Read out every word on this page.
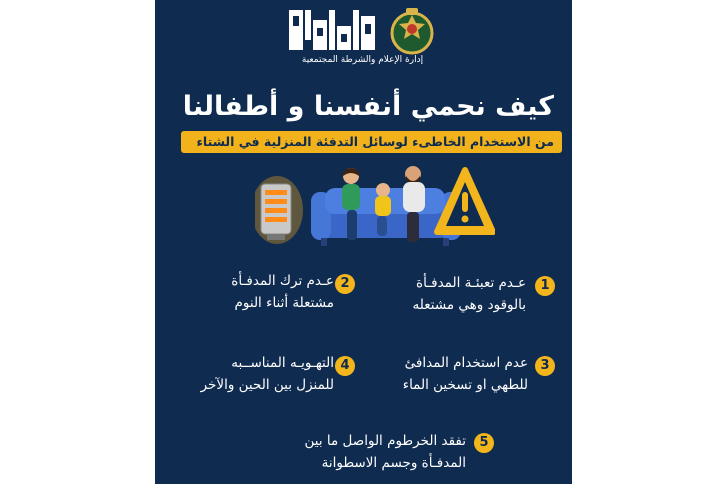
إدارة الإعلام والشرطة المجتمعية
كيف نحمي أنفسنا و أطفالنا
من الاستخدام الخاطىء لوسائل التدفئة المنزلية في الشتاء
1
عـدم تعبئـة المدفـأة
بالوقود وهي مشتعله
2
عـدم ترك المدفـأة
مشتعلة أثناء النوم
3
عدم استخدام المدافئ
للطهي او تسخين الماء
4
التهـويـه المناســبه
للمنزل بين الحين والآخر
5
تفقد الخرطوم الواصل ما بين
المدفـأة وجسم الاسطوانة
